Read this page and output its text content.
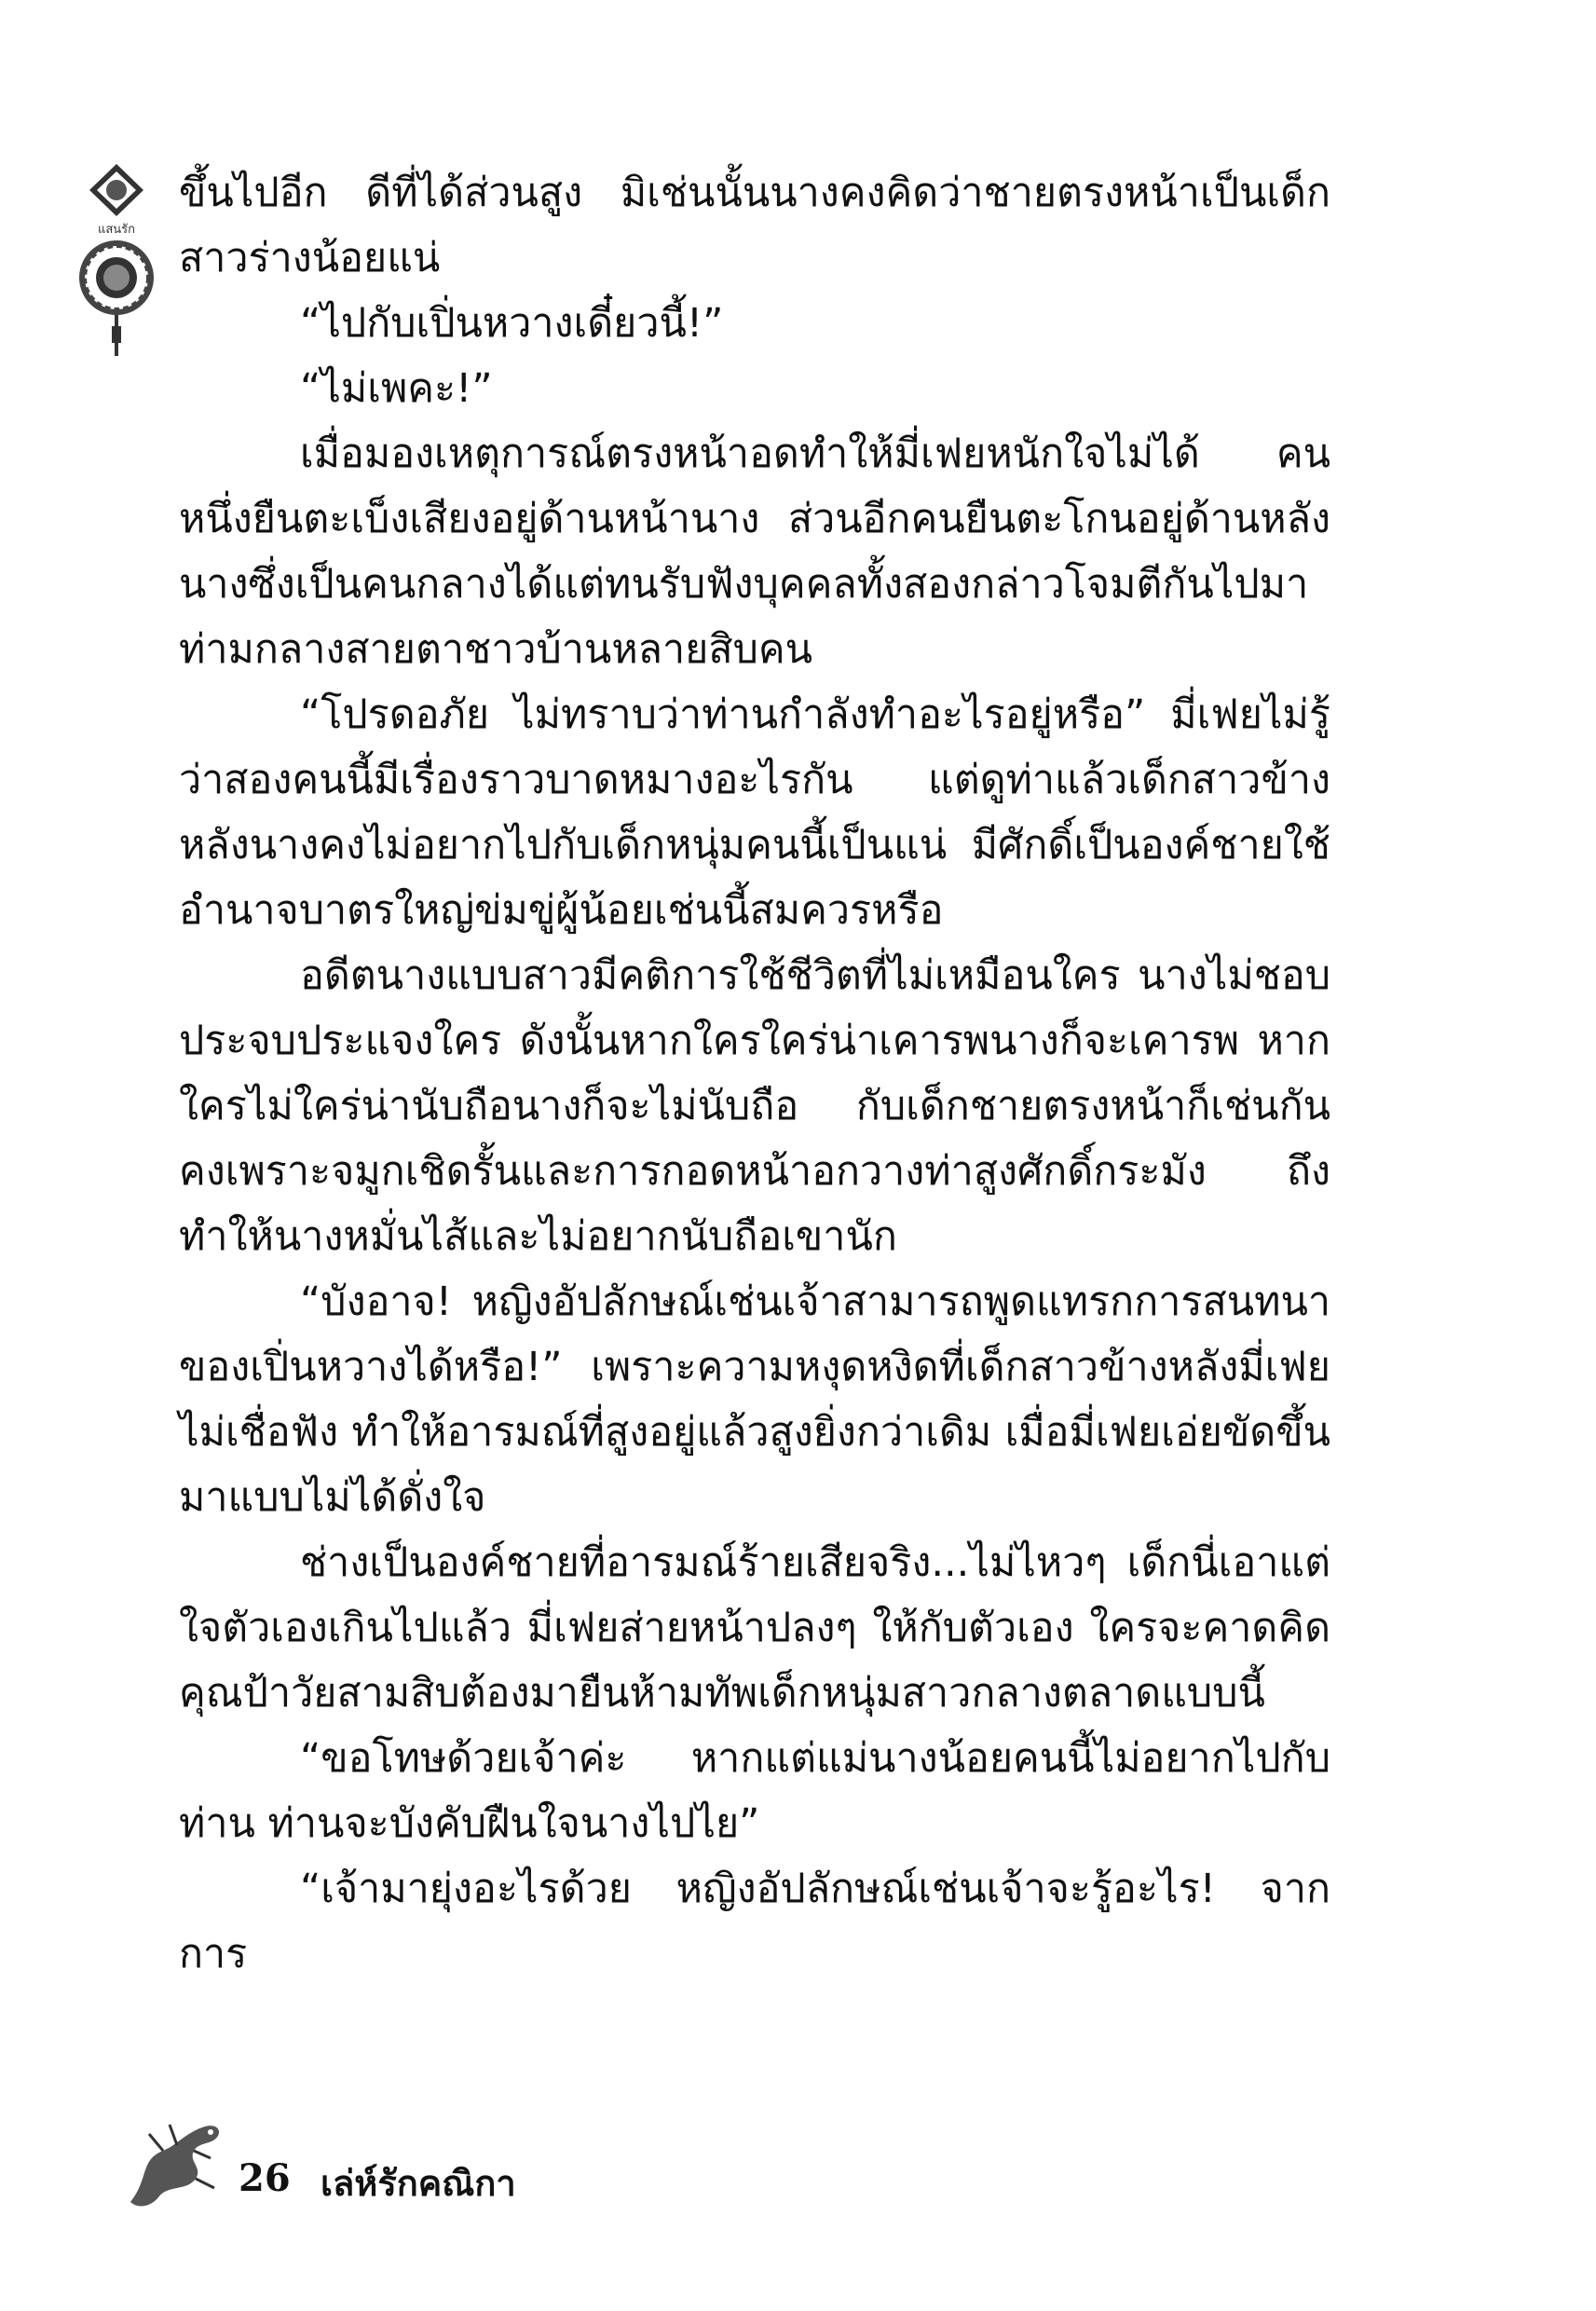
แสนรัก

ขึ้นไปอีก ดีที่ได้ส่วนสูง มิเช่นนั้นนางคงคิดว่าชายตรงหน้าเป็นเด็กสาวร่างน้อยแน่

“ไปกับเปิ่นหวางเดี๋ยวนี้!”

“ไม่เพคะ!”

เมื่อมองเหตุการณ์ตรงหน้าอดทำให้มี่เฟยหนักใจไม่ได้ คนหนึ่งยืนตะเบ็งเสียงอยู่ด้านหน้านาง ส่วนอีกคนยืนตะโกนอยู่ด้านหลัง นางซึ่งเป็นคนกลางได้แต่ทนรับฟังบุคคลทั้งสองกล่าวโจมตีกันไปมาท่ามกลางสายตาชาวบ้านหลายสิบคน

“โปรดอภัย ไม่ทราบว่าท่านกำลังทำอะไรอยู่หรือ” มี่เฟยไม่รู้ว่าสองคนนี้มีเรื่องราวบาดหมางอะไรกัน แต่ดูท่าแล้วเด็กสาวข้างหลังนางคงไม่อยากไปกับเด็กหนุ่มคนนี้เป็นแน่ มีศักดิ์เป็นองค์ชายใช้อำนาจบาตรใหญ่ข่มขู่ผู้น้อยเช่นนี้สมควรหรือ

อดีตนางแบบสาวมีคติการใช้ชีวิตที่ไม่เหมือนใคร นางไม่ชอบประจบประแจงใคร ดังนั้นหากใครใคร่น่าเคารพนางก็จะเคารพ หากใครไม่ใคร่น่านับถือนางก็จะไม่นับถือ กับเด็กชายตรงหน้าก็เช่นกันคงเพราะจมูกเชิดรั้นและการกอดหน้าอกวางท่าสูงศักดิ์กระมัง ถึงทำให้นางหมั่นไส้และไม่อยากนับถือเขานัก

“บังอาจ! หญิงอัปลักษณ์เช่นเจ้าสามารถพูดแทรกการสนทนาของเปิ่นหวางได้หรือ!” เพราะความหงุดหงิดที่เด็กสาวข้างหลังมี่เฟยไม่เชื่อฟัง ทำให้อารมณ์ที่สูงอยู่แล้วสูงยิ่งกว่าเดิม เมื่อมี่เฟยเอ่ยขัดขึ้นมาแบบไม่ได้ดั่งใจ

ช่างเป็นองค์ชายที่อารมณ์ร้ายเสียจริง...ไม่ไหวๆ เด็กนี่เอาแต่ใจตัวเองเกินไปแล้ว มี่เฟยส่ายหน้าปลงๆ ให้กับตัวเอง ใครจะคาดคิดคุณป้าวัยสามสิบต้องมายืนห้ามทัพเด็กหนุ่มสาวกลางตลาดแบบนี้

“ขอโทษด้วยเจ้าค่ะ หากแต่แม่นางน้อยคนนี้ไม่อยากไปกับท่าน ท่านจะบังคับฝืนใจนางไปไย”

“เจ้ามายุ่งอะไรด้วย หญิงอัปลักษณ์เช่นเจ้าจะรู้อะไร! จากการ

26 เล่ห์รักคณิกา
